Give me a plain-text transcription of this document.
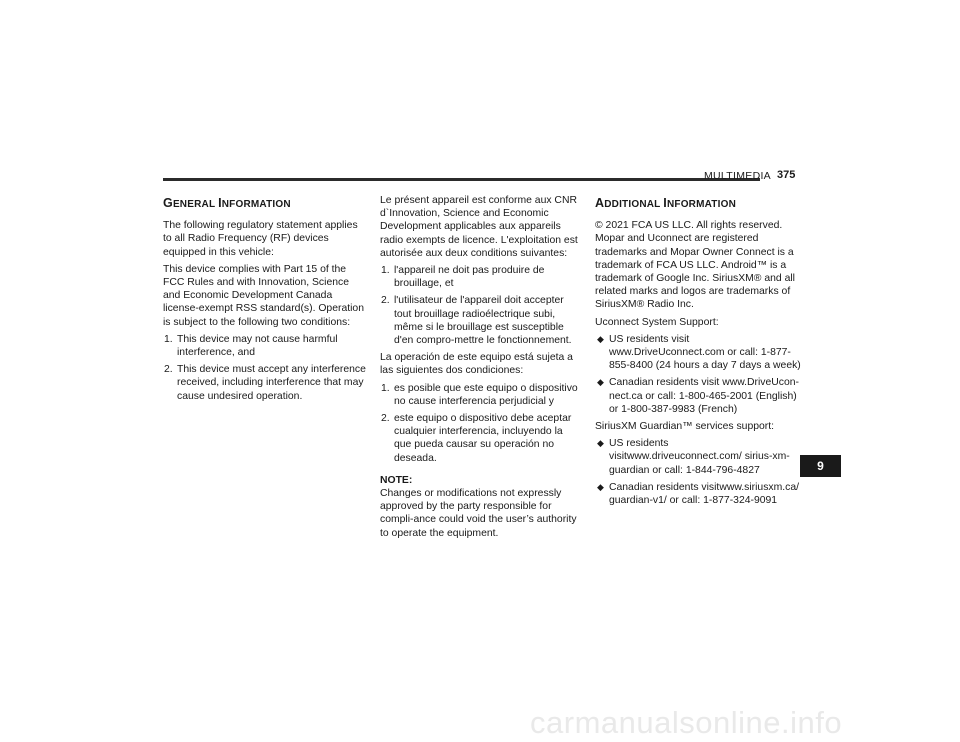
MULTIMEDIA 375
GENERAL INFORMATION

The following regulatory statement applies to all Radio Frequency (RF) devices equipped in this vehicle:

This device complies with Part 15 of the FCC Rules and with Innovation, Science and Economic Development Canada license-exempt RSS standard(s). Operation is subject to the following two conditions:

1. This device may not cause harmful interference, and
2. This device must accept any interference received, including interference that may cause undesired operation.

Le présent appareil est conforme aux CNR d`Innovation, Science and Economic Development applicables aux appareils radio exempts de licence. L'exploitation est autorisée aux deux conditions suivantes:

1. l'appareil ne doit pas produire de brouillage, et
2. l'utilisateur de l'appareil doit accepter tout brouillage radioélectrique subi, même si le brouillage est susceptible d'en compro-mettre le fonctionnement.

La operación de este equipo está sujeta a las siguientes dos condiciones:

1. es posible que este equipo o dispositivo no cause interferencia perjudicial y
2. este equipo o dispositivo debe aceptar cualquier interferencia, incluyendo la que pueda causar su operación no deseada.
NOTE:

Changes or modifications not expressly approved by the party responsible for compli-ance could void the user’s authority to operate the equipment.

ADDITIONAL INFORMATION

© 2021 FCA US LLC. All rights reserved. Mopar and Uconnect are registered trademarks and Mopar Owner Connect is a trademark of FCA US LLC. Android™ is a trademark of Google Inc. SiriusXM® and all related marks and logos are trademarks of SiriusXM® Radio Inc.

Uconnect System Support:

◆ US residents visit www.DriveUconnect.com or call: 1-877-855-8400 (24 hours a day 7 days a week)
◆ Canadian residents visit www.DriveUcon-nect.ca or call: 1-800-465-2001 (English) or 1-800-387-9983 (French)

SiriusXM Guardian™ services support:

◆ US residents visitwww.driveuconnect.com/ sirius-xm-guardian or call: 1-844-796-4827
◆ Canadian residents visitwww.siriusxm.ca/ guardian-v1/ or call: 1-877-324-9091
9
carmanualsonline.info
